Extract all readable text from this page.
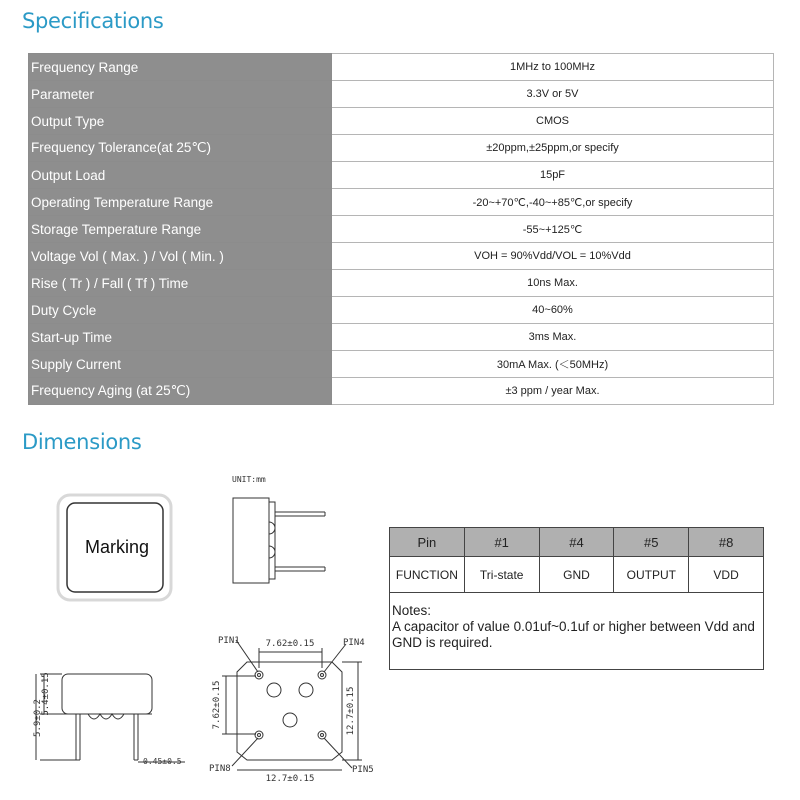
Specifications
Frequency Range	1MHz to 100MHz
Parameter	3.3V or 5V
Output Type	CMOS
Frequency Tolerance(at 25℃)	±20ppm,±25ppm,or specify
Output Load	15pF
Operating Temperature Range	-20~+70℃,-40~+85℃,or specify
Storage Temperature Range	-55~+125℃
Voltage Vol ( Max. ) / Vol ( Min. )	VOH = 90%Vdd/VOL = 10%Vdd
Rise ( Tr ) / Fall ( Tf ) Time	10ns Max.
Duty Cycle	40~60%
Start-up Time	3ms Max.
Supply Current	30mA Max. (＜50MHz)
Frequency Aging (at 25℃)	±3 ppm / year Max.
Dimensions
Marking
UNIT:mm
5.4±0.15
5.9±0.2
0.45±0.5
PIN1	PIN4
PIN8	PIN5
7.62±0.15
12.7±0.15
7.62±0.15	12.7±0.15
Pin	#1	#4	#5	#8
FUNCTION	Tri-state	GND	OUTPUT	VDD

Notes:
A capacitor of value 0.01uf~0.1uf or higher between Vdd and GND is required.				
